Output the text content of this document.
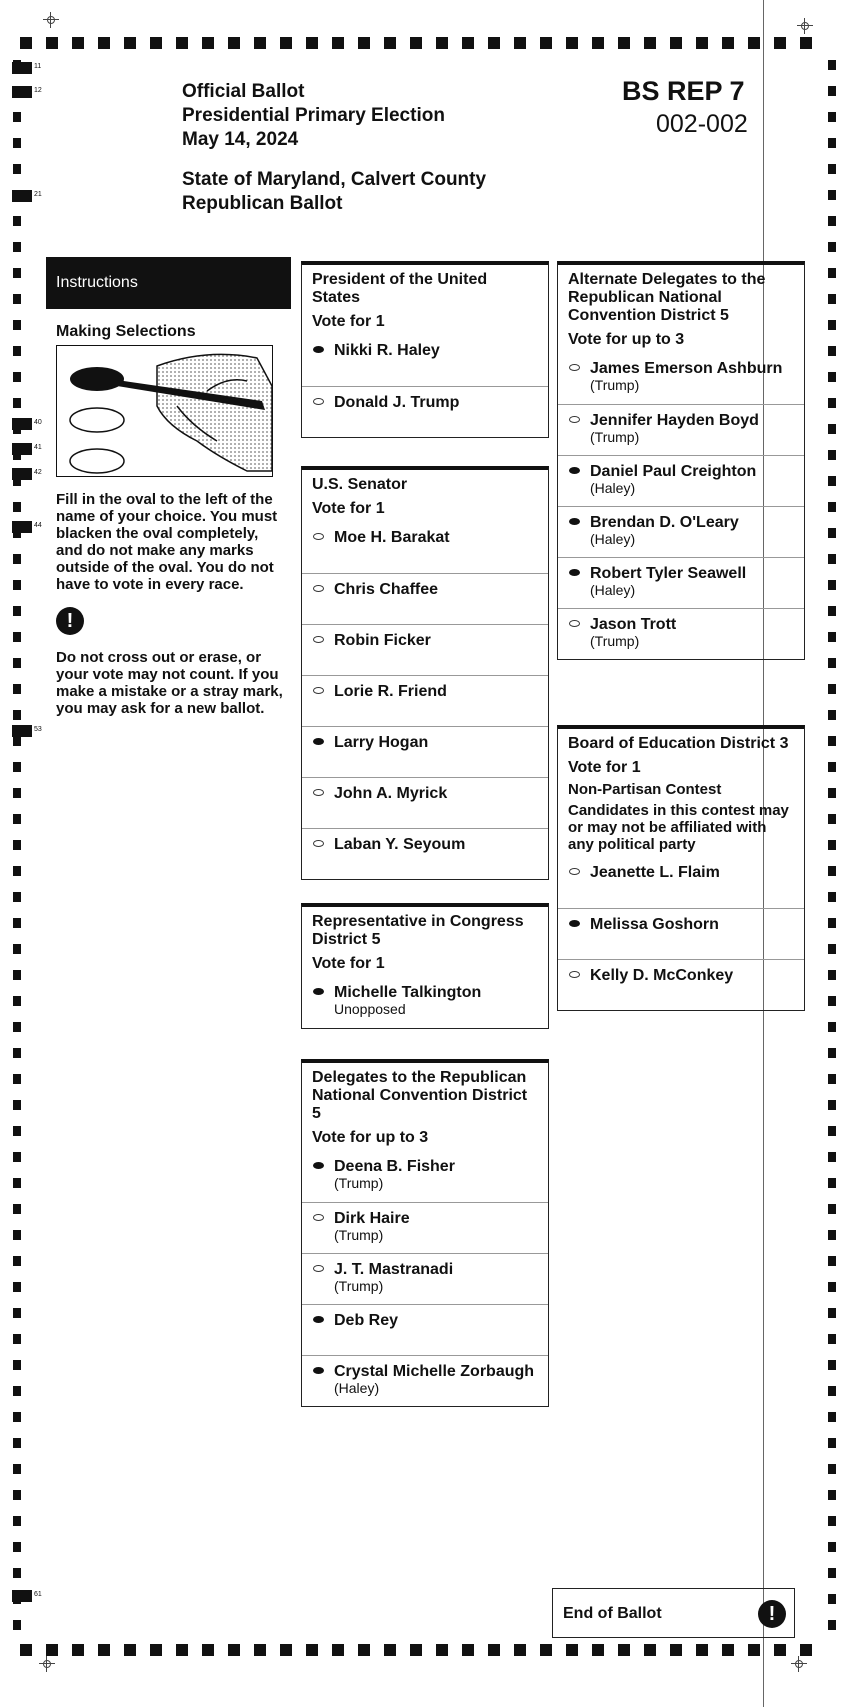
11
12
21
40
41
42
44
53
61
Official Ballot
Presidential Primary Election
May 14, 2024
State of Maryland, Calvert County
Republican Ballot
BS REP 7
002-002
Instructions
Making Selections
Fill in the oval to the left of the name of your choice. You must blacken the oval completely, and do not make any marks outside of the oval. You do not have to vote in every race.
!
Do not cross out or erase, or your vote may not count. If you make a mistake or a stray mark, you may ask for a new ballot.
President of the United States
Vote for 1
Nikki R. Haley
Donald J. Trump
U.S. Senator
Vote for 1
Moe H. Barakat
Chris Chaffee
Robin Ficker
Lorie R. Friend
Larry Hogan
John A. Myrick
Laban Y. Seyoum
Representative in Congress District 5
Vote for 1
Michelle Talkington
Unopposed
Delegates to the Republican National Convention District 5
Vote for up to 3
Deena B. Fisher
(Trump)
Dirk Haire
(Trump)
J. T. Mastranadi
(Trump)
Deb Rey
Crystal Michelle Zorbaugh
(Haley)
Alternate Delegates to the Republican National Convention District 5
Vote for up to 3
James Emerson Ashburn
(Trump)
Jennifer Hayden Boyd
(Trump)
Daniel Paul Creighton
(Haley)
Brendan D. O'Leary
(Haley)
Robert Tyler Seawell
(Haley)
Jason Trott
(Trump)
Board of Education District 3
Vote for 1
Non-Partisan Contest
Candidates in this contest may or may not be affiliated with any political party
Jeanette L. Flaim
Melissa Goshorn
Kelly D. McConkey
End of Ballot	!
